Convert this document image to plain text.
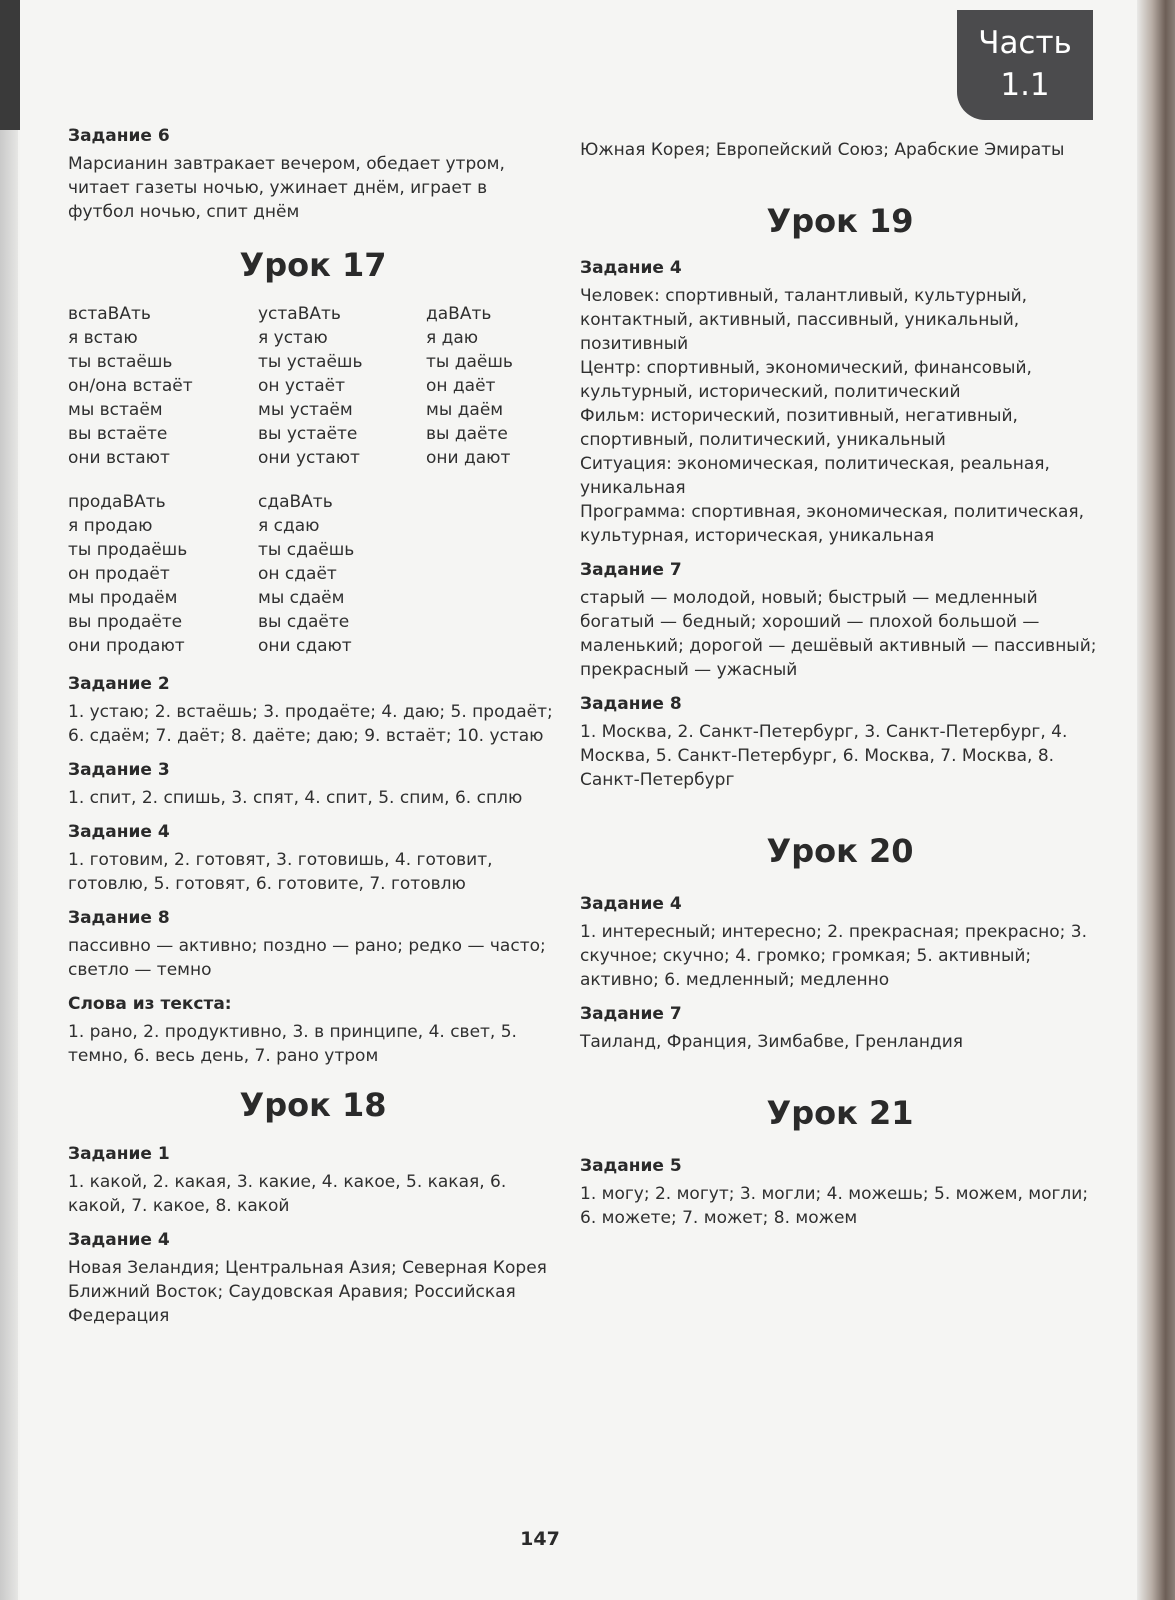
Часть
1.1
Задание 6

Марсианин завтракает вечером, обедает утром, читает газеты ночью, ужинает днём, играет в футбол ночью, спит днём

Урок 17
встаВАть
я встаю
ты встаёшь
он/она встаёт
мы встаём
вы встаёте
они встают
устаВАть
я устаю
ты устаёшь
он устаёт
мы устаём
вы устаёте
они устают
даВАть
я даю
ты даёшь
он даёт
мы даём
вы даёте
они дают
продаВАть
я продаю
ты продаёшь
он продаёт
мы продаём
вы продаёте
они продают
сдаВАть
я сдаю
ты сдаёшь
он сдаёт
мы сдаём
вы сдаёте
они сдают
Задание 2

1. устаю; 2. встаёшь; 3. продаёте; 4. даю; 5. продаёт; 6. сдаём; 7. даёт; 8. даёте; даю; 9. встаёт; 10. устаю

Задание 3

1. спит, 2. спишь, 3. спят, 4. спит, 5. спим, 6. сплю

Задание 4

1. готовим, 2. готовят, 3. готовишь, 4. готовит, готовлю, 5. готовят, 6. готовите, 7. готовлю

Задание 8

пассивно — активно; поздно — рано; редко — часто; светло — темно

Слова из текста:

1. рано, 2. продуктивно, 3. в принципе, 4. свет, 5. темно, 6. весь день, 7. рано утром

Урок 18
Задание 1

1. какой, 2. какая, 3. какие, 4. какое, 5. какая, 6. какой, 7. какое, 8. какой

Задание 4

Новая Зеландия; Центральная Азия; Северная Корея

Ближний Восток; Саудовская Аравия; Российская Федерация

Южная Корея; Европейский Союз; Арабские Эмираты

Урок 19
Задание 4

Человек: спортивный, талантливый, культурный, контактный, активный, пассивный, уникальный, позитивный

Центр: спортивный, экономический, финансовый, культурный, исторический, политический

Фильм: исторический, позитивный, негативный, спортивный, политический, уникальный

Ситуация: экономическая, политическая, реальная, уникальная

Программа: спортивная, экономическая, политическая, культурная, историческая, уникальная

Задание 7

старый — молодой, новый; быстрый — медленный

богатый — бедный; хороший — плохой большой — маленький; дорогой — дешёвый активный — пассивный; прекрасный — ужасный

Задание 8

1. Москва, 2. Санкт-Петербург, 3. Санкт-Петербург, 4. Москва, 5. Санкт-Петербург, 6. Москва, 7. Москва, 8. Санкт-Петербург

Урок 20
Задание 4

1. интересный; интересно; 2. прекрасная; прекрасно; 3. скучное; скучно; 4. громко; громкая; 5. активный; активно; 6. медленный; медленно

Задание 7

Таиланд, Франция, Зимбабве, Гренландия

Урок 21
Задание 5

1. могу; 2. могут; 3. могли; 4. можешь; 5. можем, могли; 6. можете; 7. может; 8. можем

147
